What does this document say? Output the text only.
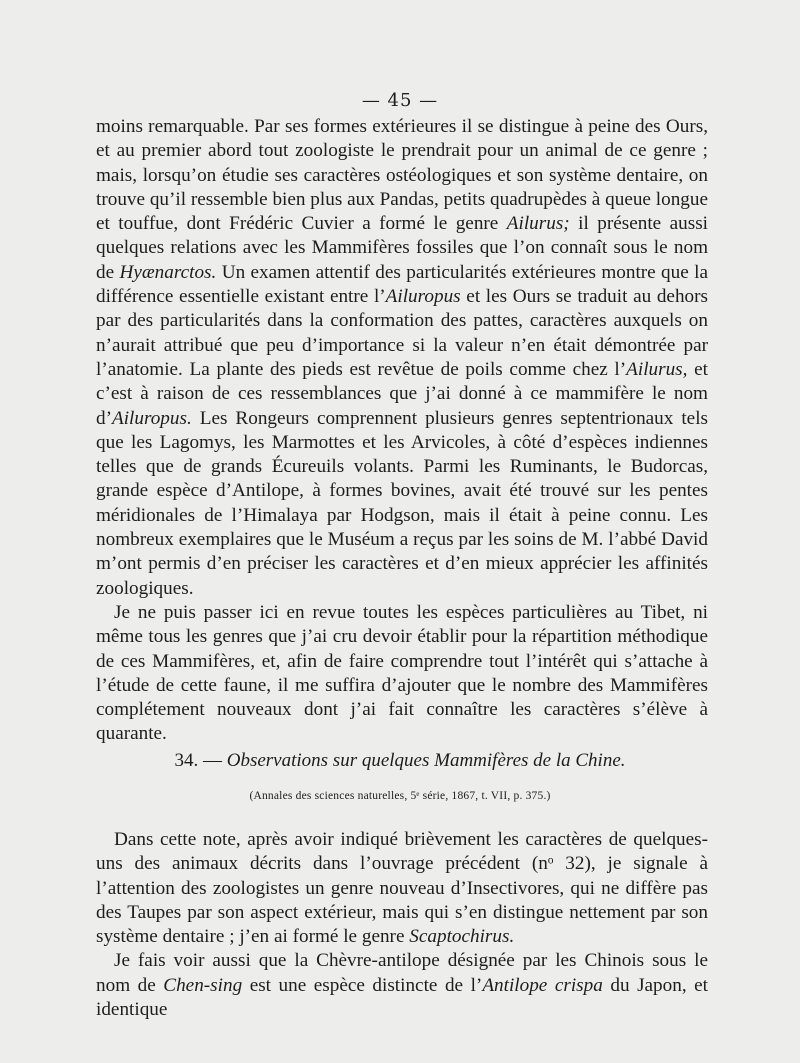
— 45 —

moins remarquable. Par ses formes extérieures il se distingue à peine des Ours, et au premier abord tout zoologiste le prendrait pour un animal de ce genre ; mais, lorsqu’on étudie ses caractères ostéologiques et son système dentaire, on trouve qu’il ressemble bien plus aux Pandas, petits quadrupèdes à queue longue et touffue, dont Frédéric Cuvier a formé le genre Ailurus; il présente aussi quelques relations avec les Mammifères fossiles que l’on connaît sous le nom de Hyænarctos. Un examen attentif des particularités extérieures montre que la différence essentielle existant entre l’Ailuropus et les Ours se traduit au dehors par des particularités dans la conformation des pattes, caractères auxquels on n’aurait attribué que peu d’importance si la valeur n’en était démontrée par l’anatomie. La plante des pieds est revêtue de poils comme chez l’Ailurus, et c’est à raison de ces ressemblances que j’ai donné à ce mammifère le nom d’Ailuropus. Les Rongeurs comprennent plusieurs genres septentrionaux tels que les Lagomys, les Marmottes et les Arvicoles, à côté d’espèces indiennes telles que de grands Écureuils volants. Parmi les Ruminants, le Budorcas, grande espèce d’Antilope, à formes bovines, avait été trouvé sur les pentes méridionales de l’Himalaya par Hodgson, mais il était à peine connu. Les nombreux exemplaires que le Muséum a reçus par les soins de M. l’abbé David m’ont permis d’en préciser les caractères et d’en mieux apprécier les affinités zoologiques.

Je ne puis passer ici en revue toutes les espèces particulières au Tibet, ni même tous les genres que j’ai cru devoir établir pour la répartition méthodique de ces Mammifères, et, afin de faire comprendre tout l’intérêt qui s’attache à l’étude de cette faune, il me suffira d’ajouter que le nombre des Mammifères complétement nouveaux dont j’ai fait connaître les caractères s’élève à quarante.

34. — Observations sur quelques Mammifères de la Chine.
(Annales des sciences naturelles, 5ᵉ série, 1867, t. VII, p. 375.)

Dans cette note, après avoir indiqué brièvement les caractères de quelques-uns des animaux décrits dans l’ouvrage précédent (nᵒ 32), je signale à l’attention des zoologistes un genre nouveau d’Insectivores, qui ne diffère pas des Taupes par son aspect extérieur, mais qui s’en distingue nettement par son système dentaire ; j’en ai formé le genre Scaptochirus.

Je fais voir aussi que la Chèvre-antilope désignée par les Chinois sous le nom de Chen-sing est une espèce distincte de l’Antilope crispa du Japon, et identique
